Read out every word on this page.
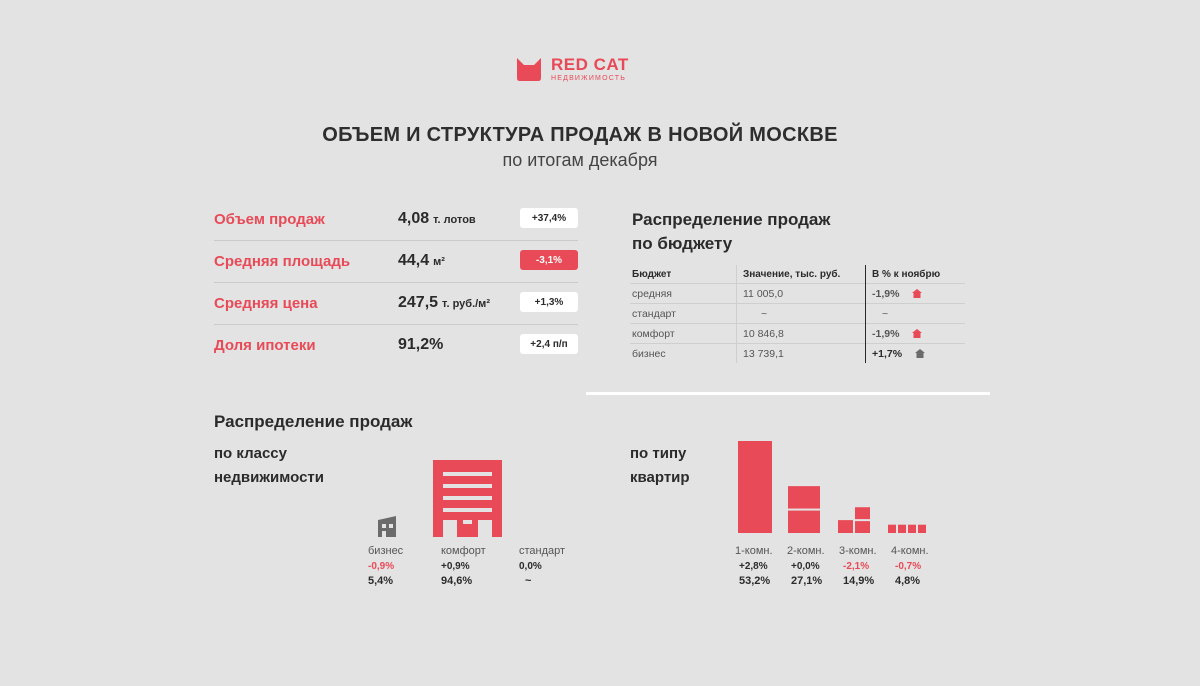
RED CAT
НЕДВИЖИМОСТЬ
ОБЪЕМ И СТРУКТУРА ПРОДАЖ В НОВОЙ МОСКВЕ
по итогам декабря
Объем продаж	4,08 т. лотов	+37,4%
Средняя площадь	44,4 м²	-3,1%
Средняя цена	247,5 т. руб./м²	+1,3%
Доля ипотеки	91,2%	+2,4 п/п
Распределение продаж
по бюджету
Бюджет	Значение, тыс. руб.	В % к ноябрю
средняя	11 005,0	-1,9%
стандарт	~	~
комфорт	10 846,8	-1,9%
бизнес	13 739,1	+1,7%
Распределение продаж
по классу
недвижимости
по типу
квартир
бизнес
-0,9%
5,4%
комфорт
+0,9%
94,6%
стандарт
0,0%
~
1-комн.
+2,8%
53,2%
2-комн.
+0,0%
27,1%
3-комн.
-2,1%
14,9%
4-комн.
-0,7%
4,8%
